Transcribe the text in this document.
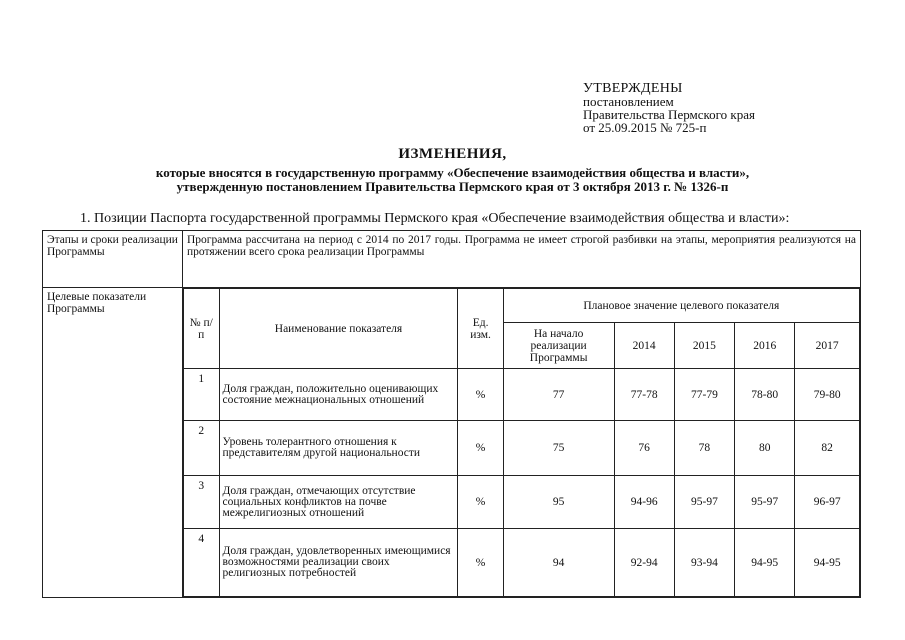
УТВЕРЖДЕНЫ
постановлением
Правительства Пермского края
от 25.09.2015 № 725-п
ИЗМЕНЕНИЯ,
которые вносятся в государственную программу «Обеспечение взаимодействия общества и власти»,
утвержденную постановлением Правительства Пермского края от 3 октября 2013 г. № 1326-п
1. Позиции Паспорта государственной программы Пермского края «Обеспечение взаимодействия общества и власти»:
Этапы и сроки реализации Программы	Программа рассчитана на период с 2014 по 2017 годы. Программа не имеет строгой разбивки на этапы, мероприятия реализуются на протяжении всего срока реализации Программы
Целевые показатели Программы	
№ п/п	Наименование показателя	Ед. изм.	Плановое значение целевого показателя
На начало реализации Программы	2014	2015	2016	2017
1	Доля граждан, положительно оценивающих состояние межнациональных отношений	%	77	77-78	77-79	78-80	79-80
2	Уровень толерантного отношения к представителям другой национальности	%	75	76	78	80	82
3	Доля граждан, отмечающих отсутствие социальных конфликтов на почве межрелигиозных отношений	%	95	94-96	95-97	95-97	96-97
4	Доля граждан, удовлетворенных имеющимися возможностями реализации своих религиозных потребностей	%	94	92-94	93-94	94-95	94-95
